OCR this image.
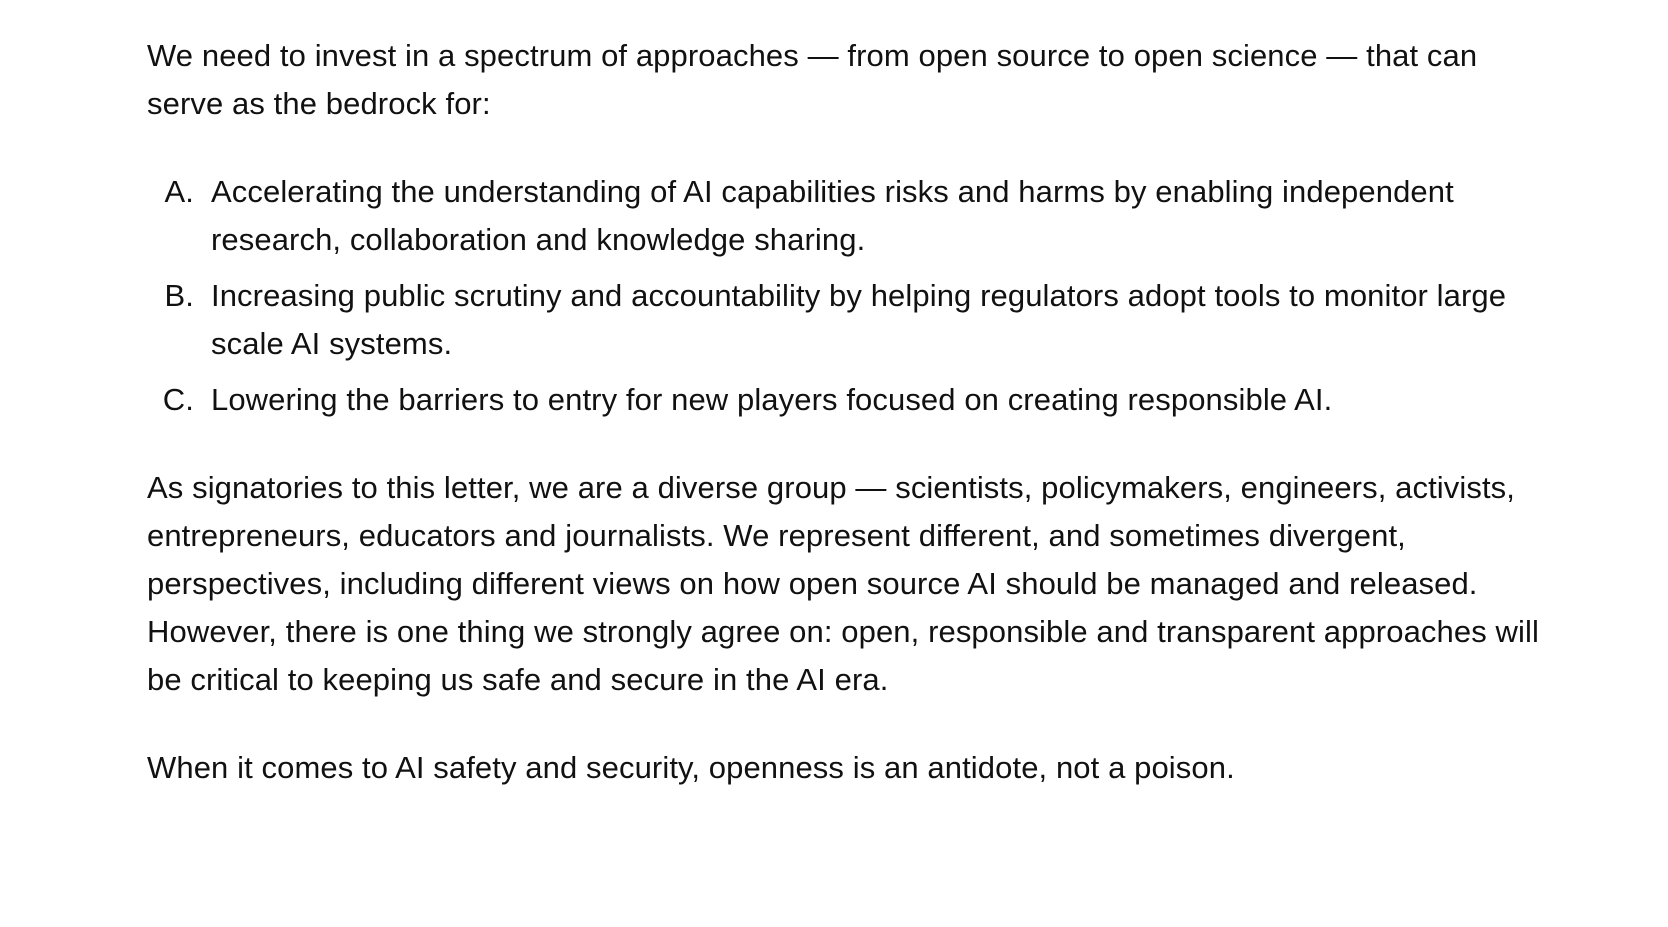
We need to invest in a spectrum of approaches — from open source to open science — that can serve as the bedrock for:

A. Accelerating the understanding of AI capabilities risks and harms by enabling independent research, collaboration and knowledge sharing.
B. Increasing public scrutiny and accountability by helping regulators adopt tools to monitor large scale AI systems.
C. Lowering the barriers to entry for new players focused on creating responsible AI.

As signatories to this letter, we are a diverse group — scientists, policymakers, engineers, activists, entrepreneurs, educators and journalists. We represent different, and sometimes divergent, perspectives, including different views on how open source AI should be managed and released. However, there is one thing we strongly agree on: open, responsible and transparent approaches will be critical to keeping us safe and secure in the AI era.

When it comes to AI safety and security, openness is an antidote, not a poison.
